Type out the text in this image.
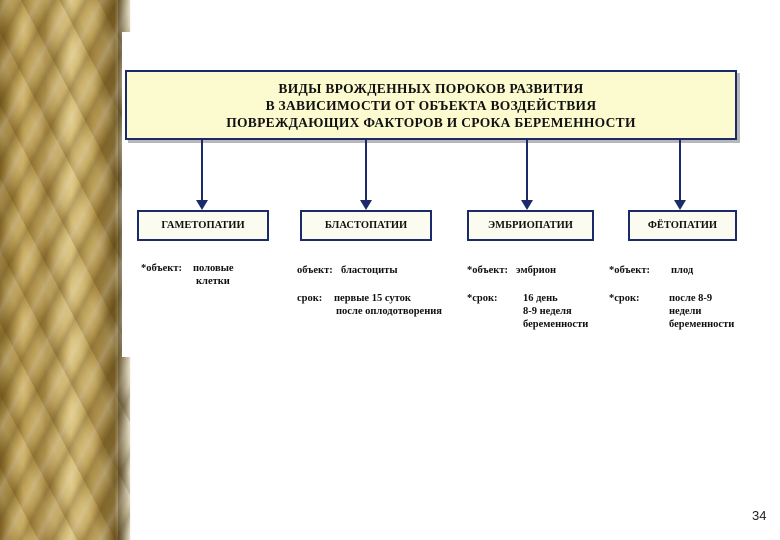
ВИДЫ ВРОЖДЕННЫХ ПОРОКОВ РАЗВИТИЯ
В ЗАВИСИМОСТИ ОТ ОБЪЕКТА ВОЗДЕЙСТВИЯ
ПОВРЕЖДАЮЩИХ ФАКТОРОВ И СРОКА БЕРЕМЕННОСТИ
ГАМЕТОПАТИИ	БЛАСТОПАТИИ	ЭМБРИОПАТИИ	ФЁТОПАТИИ
*объект: половые
клетки
объект: бластоциты
срок: первые 15 суток
после оплодотворения
*объект: эмбрион
*срок: 16 день
8-9 неделя
беременности
*объект: плод
*срок:	после 8-9
недели
беременности
34
